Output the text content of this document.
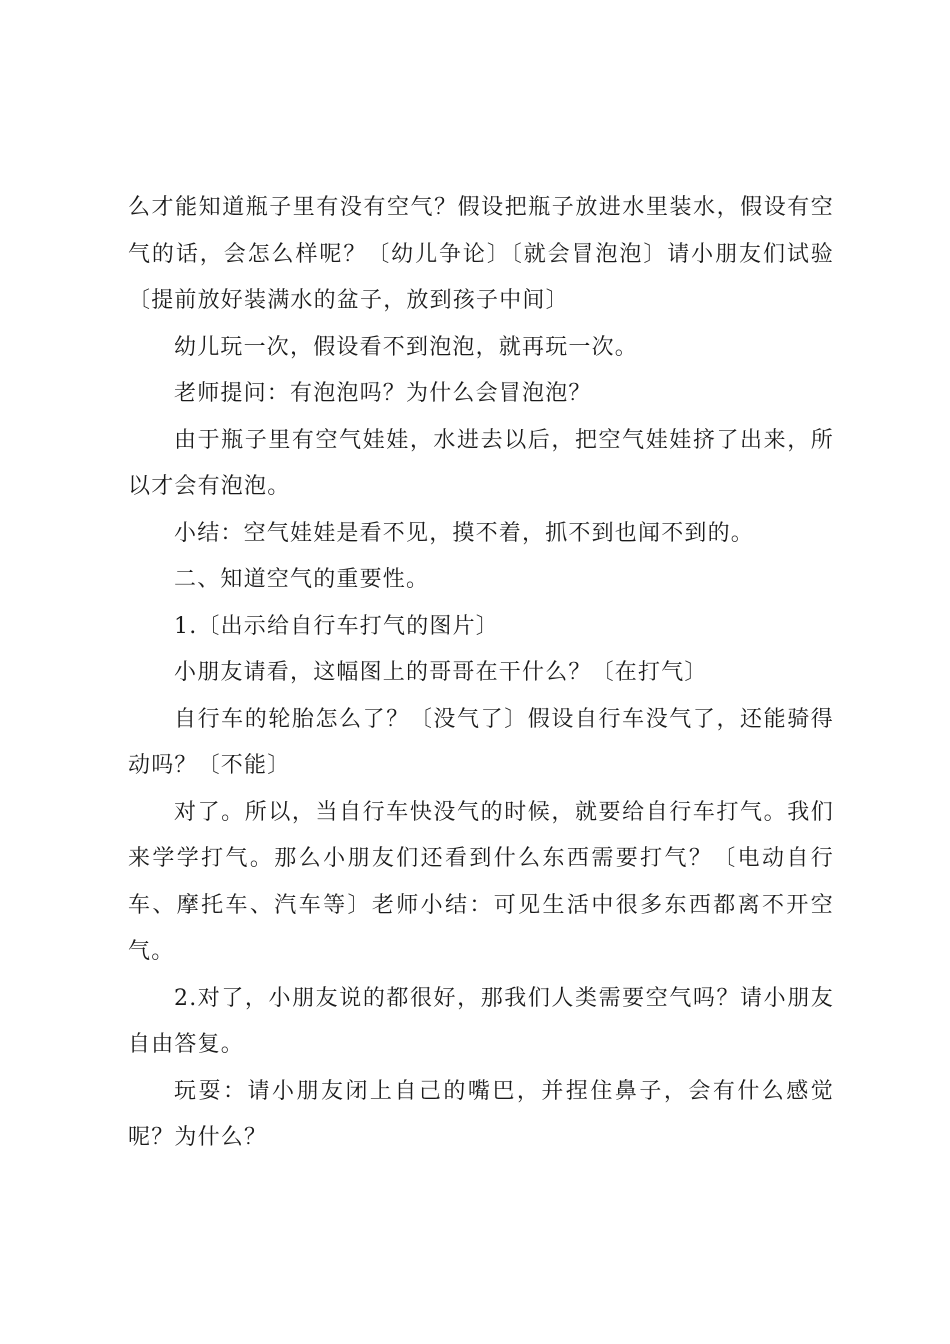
么才能知道瓶子里有没有空气？假设把瓶子放进水里装水，假设有空气的话，会怎么样呢？〔幼儿争论〕〔就会冒泡泡〕请小朋友们试验〔提前放好装满水的盆子，放到孩子中间〕

幼儿玩一次，假设看不到泡泡，就再玩一次。

老师提问：有泡泡吗？为什么会冒泡泡？

由于瓶子里有空气娃娃，水进去以后，把空气娃娃挤了出来，所以才会有泡泡。

小结：空气娃娃是看不见，摸不着，抓不到也闻不到的。

二、知道空气的重要性。

1.〔出示给自行车打气的图片〕

小朋友请看，这幅图上的哥哥在干什么？〔在打气〕

自行车的轮胎怎么了？〔没气了〕假设自行车没气了，还能骑得动吗？〔不能〕

对了。所以，当自行车快没气的时候，就要给自行车打气。我们来学学打气。那么小朋友们还看到什么东西需要打气？〔电动自行车、摩托车、汽车等〕老师小结：可见生活中很多东西都离不开空气。

2.对了，小朋友说的都很好，那我们人类需要空气吗？请小朋友自由答复。

玩耍：请小朋友闭上自己的嘴巴，并捏住鼻子，会有什么感觉呢？为什么？
